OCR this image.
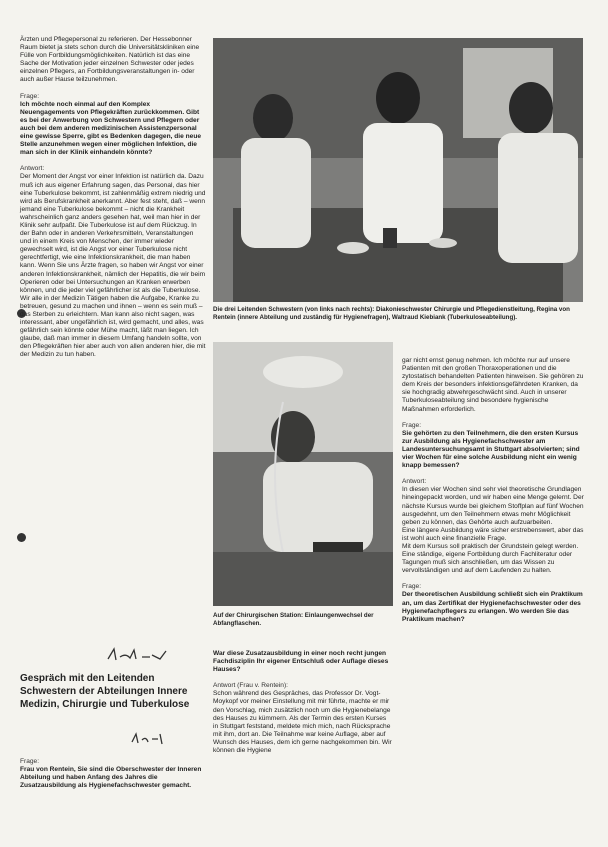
Ärzten und Pflegepersonal zu referieren. Der Hessebonner Raum bietet ja stets schon durch die Universitätskliniken eine Fülle von Fortbildungsmöglichkeiten. Natürlich ist das eine Sache der Motivation jeder einzelnen Schwester oder jedes einzelnen Pflegers, an Fortbildungsveranstaltungen in- oder auch außer Hause teilzunehmen.

Frage:

Ich möchte noch einmal auf den Komplex Neuengagements von Pflegekräften zurückkommen. Gibt es bei der Anwerbung von Schwestern und Pflegern oder auch bei dem anderen medizinischen Assistenzpersonal eine gewisse Sperre, gibt es Bedenken dagegen, die neue Stelle anzunehmen wegen einer möglichen Infektion, die man sich in der Klinik einhandeln könnte?

Antwort:

Der Moment der Angst vor einer Infektion ist natürlich da. Dazu muß ich aus eigener Erfahrung sagen, das Personal, das hier eine Tuberkulose bekommt, ist zahlenmäßig extrem niedrig und wird als Berufskrankheit anerkannt. Aber fest steht, daß – wenn jemand eine Tuberkulose bekommt – nicht die Krankheit wahrscheinlich ganz anders gesehen hat, weil man hier in der Klinik sehr aufpaßt. Die Tuberkulose ist auf dem Rückzug. In der Bahn oder in anderen Verkehrsmitteln, Veranstaltungen und in einem Kreis von Menschen, der immer wieder gewechselt wird, ist die Angst vor einer Tuberkulose nicht gerechtfertigt, wie eine Infektionskrankheit, die man haben kann. Wenn Sie uns Ärzte fragen, so haben wir Angst vor einer anderen Infektionskrankheit, nämlich der Hepatitis, die wir beim Operieren oder bei Untersuchungen an Kranken erwerben können, und die jeder viel gefährlicher ist als die Tuberkulose.

Wir alle in der Medizin Tätigen haben die Aufgabe, Kranke zu betreuen, gesund zu machen und ihnen – wenn es sein muß – das Sterben zu erleichtern. Man kann also nicht sagen, was interessant, aber ungefährlich ist, wird gemacht, und alles, was gefährlich sein könnte oder Mühe macht, läßt man liegen. Ich glaube, daß man immer in diesem Umfang handeln sollte, von den Pflegekräften hier aber auch von allen anderen hier, die mit der Medizin zu tun haben.

Gespräch mit den Leitenden Schwestern der Abteilungen Innere Medizin, Chirurgie und Tuberkulose

Frage:

Frau von Rentein, Sie sind die Oberschwester der Inneren Abteilung und haben Anfang des Jahres die Zusatzausbildung als Hygienefachschwester gemacht.

Die drei Leitenden Schwestern (von links nach rechts): Diakonieschwester Chirurgie und Pflegedienstleitung, Regina von Rentein (innere Abteilung und zuständig für Hygienefragen), Waltraud Kiebiank (Tuberkuloseabteilung).
Auf der Chirurgischen Station: Einlaungenwechsel der Abfangflaschen.

War diese Zusatzausbildung in einer noch recht jungen Fachdisziplin Ihr eigener Entschluß oder Auflage dieses Hauses?

Antwort (Frau v. Rentein):

Schon während des Gespräches, das Professor Dr. Vogt-Moykopf vor meiner Einstellung mit mir führte, machte er mir den Vorschlag, mich zusätzlich noch um die Hygienebelange des Hauses zu kümmern. Als der Termin des ersten Kurses in Stuttgart feststand, meldete mich mich, nach Rücksprache mit ihm, dort an. Die Teilnahme war keine Auflage, aber auf Wunsch des Hauses, dem ich gerne nachgekommen bin. Wir können die Hygiene

gar nicht ernst genug nehmen. Ich möchte nur auf unsere Patienten mit den großen Thoraxoperationen und die zytostatisch behandelten Patienten hinweisen. Sie gehören zu dem Kreis der besonders infektionsgefährdeten Kranken, da sie hochgradig abwehrgeschwächt sind. Auch in unserer Tuberkuloseabteilung sind besondere hygienische Maßnahmen erforderlich.

Frage:

Sie gehörten zu den Teilnehmern, die den ersten Kursus zur Ausbildung als Hygienefachschwester am Landesuntersuchungsamt in Stuttgart absolvierten; sind vier Wochen für eine solche Ausbildung nicht ein wenig knapp bemessen?

Antwort:

In diesen vier Wochen sind sehr viel theoretische Grundlagen hineingepackt worden, und wir haben eine Menge gelernt. Der nächste Kursus wurde bei gleichem Stoffplan auf fünf Wochen ausgedehnt, um den Teilnehmern etwas mehr Möglichkeit geben zu können, das Gehörte auch aufzuarbeiten.

Eine längere Ausbildung wäre sicher erstrebenswert, aber das ist wohl auch eine finanzielle Frage.

Mit dem Kursus soll praktisch der Grundstein gelegt werden. Eine ständige, eigene Fortbildung durch Fachliteratur oder Tagungen muß sich anschließen, um das Wissen zu vervollständigen und auf dem Laufenden zu halten.

Frage:

Der theoretischen Ausbildung schließt sich ein Praktikum an, um das Zertifikat der Hygienefachschwester oder des Hygienefachpflegers zu erlangen. Wo werden Sie das Praktikum machen?
